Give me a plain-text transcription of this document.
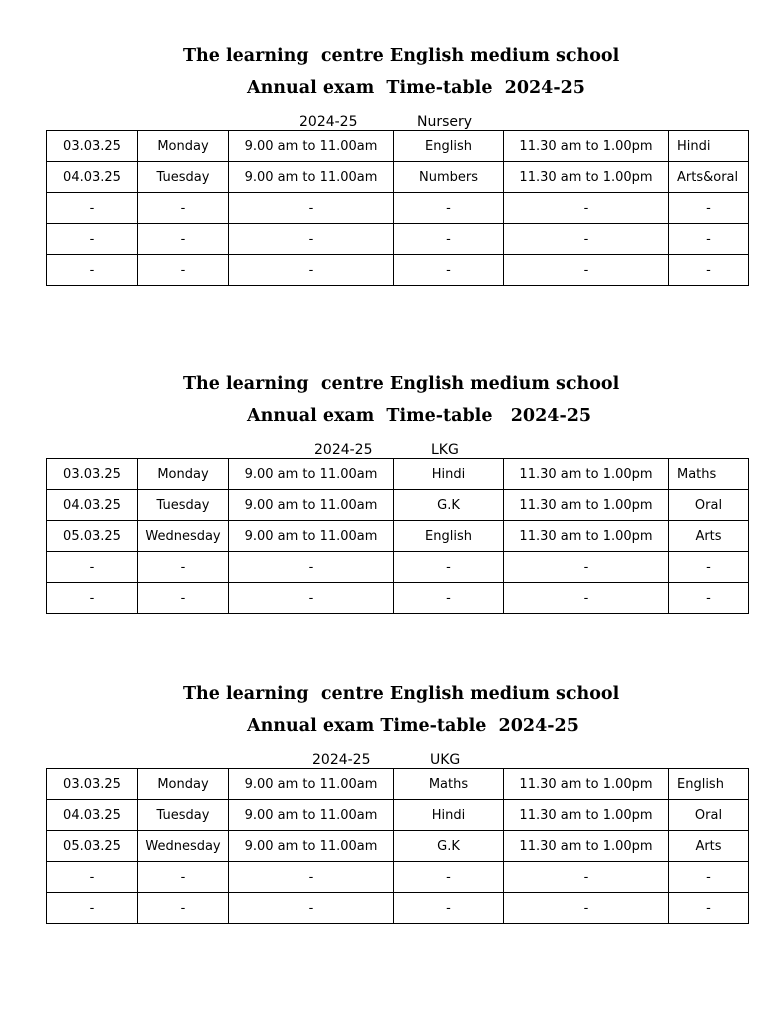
The learning  centre English medium school

Annual exam  Time-table  2024-25

2024-25	Nursery
03.03.25	Monday	9.00 am to 11.00am	English	11.30 am to 1.00pm	Hindi
04.03.25	Tuesday	9.00 am to 11.00am	Numbers	11.30 am to 1.00pm	Arts&oral
-	-	-	-	-	-
-	-	-	-	-	-
-	-	-	-	-	-

The learning  centre English medium school

Annual exam  Time-table   2024-25

2024-25	LKG
03.03.25	Monday	9.00 am to 11.00am	Hindi	11.30 am to 1.00pm	Maths
04.03.25	Tuesday	9.00 am to 11.00am	G.K	11.30 am to 1.00pm	Oral
05.03.25	Wednesday	9.00 am to 11.00am	English	11.30 am to 1.00pm	Arts
-	-	-	-	-	-
-	-	-	-	-	-

The learning  centre English medium school

Annual exam Time-table  2024-25

2024-25	UKG
03.03.25	Monday	9.00 am to 11.00am	Maths	11.30 am to 1.00pm	English
04.03.25	Tuesday	9.00 am to 11.00am	Hindi	11.30 am to 1.00pm	Oral
05.03.25	Wednesday	9.00 am to 11.00am	G.K	11.30 am to 1.00pm	Arts
-	-	-	-	-	-
-	-	-	-	-	-
